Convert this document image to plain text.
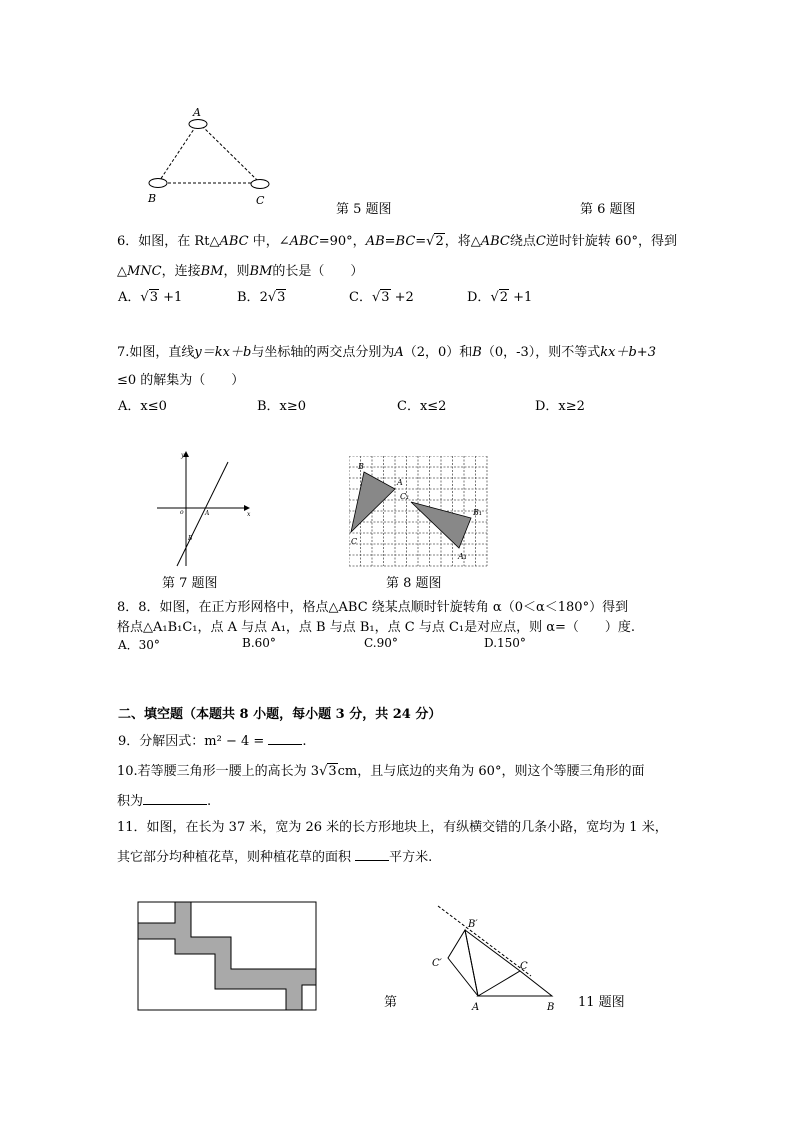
A
B	C
第 5 题图	第 6 题图
6．如图，在 Rt△ABC 中，∠ABC=90°，AB=BC=√2，将△ABC绕点C逆时针旋转 60°，得到
△MNC，连接BM，则BM的长是（　　）
A．√3 +1	B．2√3	C．√3 +2	D．√2 +1
7.如图，直线y＝kx＋b与坐标轴的两交点分别为A（2，0）和B（0，-3），则不等式kx＋b+3
≤0 的解集为（　　）
A．x≤0	B．x≥0	C．x≤2	D．x≥2
y
x
o	A
B
第 7 题图
B
A
C
C₁
B₁
A₁
第 8 题图
8．8．如图，在正方形网格中，格点△ABC 绕某点顺时针旋转角 α（0＜α＜180°）得到
格点△A₁B₁C₁，点 A 与点 A₁，点 B 与点 B₁，点 C 与点 C₁是对应点，则 α=（　　）度.
A．30°	B.60°	C.90°	D.150°
二、填空题（本题共 8 小题，每小题 3 分，共 24 分）
9．分解因式：m² − 4 =	.
10.若等腰三角形一腰上的高长为 3√3cm，且与底边的夹角为 60°，则这个等腰三角形的面
积为	.
11．如图，在长为 37 米，宽为 26 米的长方形地块上，有纵横交错的几条小路，宽均为 1 米，
其它部分均种植花草，则种植花草的面积	平方米.
B′
C′	C
A	B
第	11 题图
